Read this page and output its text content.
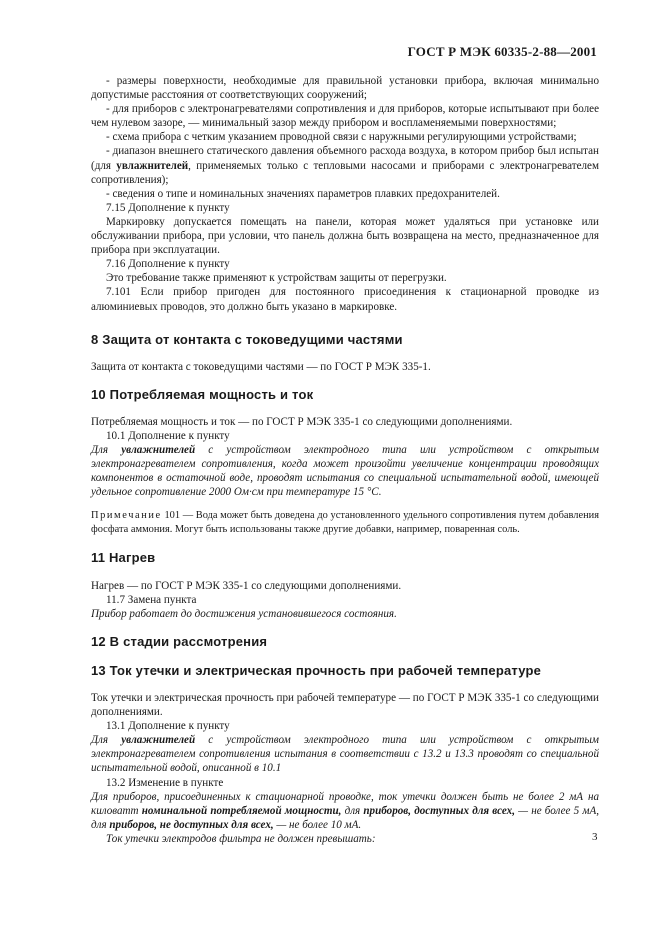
ГОСТ Р МЭК 60335-2-88—2001

- размеры поверхности, необходимые для правильной установки прибора, включая минимально допустимые расстояния от соответствующих сооружений;

- для приборов с электронагревателями сопротивления и для приборов, которые испытывают при более чем нулевом зазоре, — минимальный зазор между прибором и воспламеняемыми поверхностями;

- схема прибора с четким указанием проводной связи с наружными регулирующими устройствами;

- диапазон внешнего статического давления объемного расхода воздуха, в котором прибор был испытан (для увлажнителей, применяемых только с тепловыми насосами и приборами с электронагревателем сопротивления);

- сведения о типе и номинальных значениях параметров плавких предохранителей.

7.15 Дополнение к пункту

Маркировку допускается помещать на панели, которая может удаляться при установке или обслуживании прибора, при условии, что панель должна быть возвращена на место, предназначенное для прибора при эксплуатации.

7.16 Дополнение к пункту

Это требование также применяют к устройствам защиты от перегрузки.

7.101 Если прибор пригоден для постоянного присоединения к стационарной проводке из алюминиевых проводов, это должно быть указано в маркировке.

8 Защита от контакта с токоведущими частями

Защита от контакта с токоведущими частями — по ГОСТ Р МЭК 335-1.

10 Потребляемая мощность и ток

Потребляемая мощность и ток — по ГОСТ Р МЭК 335-1 со следующими дополнениями.

10.1 Дополнение к пункту

Для увлажнителей с устройством электродного типа или устройством с открытым электронагревателем сопротивления, когда может произойти увеличение концентрации проводящих компонентов в остаточной воде, проводят испытания со специальной испытательной водой, имеющей удельное сопротивление 2000 Ом·см при температуре 15 °С.

Примечание 101 — Вода может быть доведена до установленного удельного сопротивления путем добавления фосфата аммония. Могут быть использованы также другие добавки, например, поваренная соль.

11 Нагрев

Нагрев — по ГОСТ Р МЭК 335-1 со следующими дополнениями.

11.7 Замена пункта

Прибор работает до достижения установившегося состояния.

12 В стадии рассмотрения
13 Ток утечки и электрическая прочность при рабочей температуре

Ток утечки и электрическая прочность при рабочей температуре — по ГОСТ Р МЭК 335-1 со следующими дополнениями.

13.1 Дополнение к пункту

Для увлажнителей с устройством электродного типа или устройством с открытым электронагревателем сопротивления испытания в соответствии с 13.2 и 13.3 проводят со специальной испытательной водой, описанной в 10.1

13.2 Изменение в пункте

Для приборов, присоединенных к стационарной проводке, ток утечки должен быть не более 2 мА на киловатт номинальной потребляемой мощности, для приборов, доступных для всех, — не более 5 мА, для приборов, не доступных для всех, — не более 10 мА.

Ток утечки электродов фильтра не должен превышать:	3
